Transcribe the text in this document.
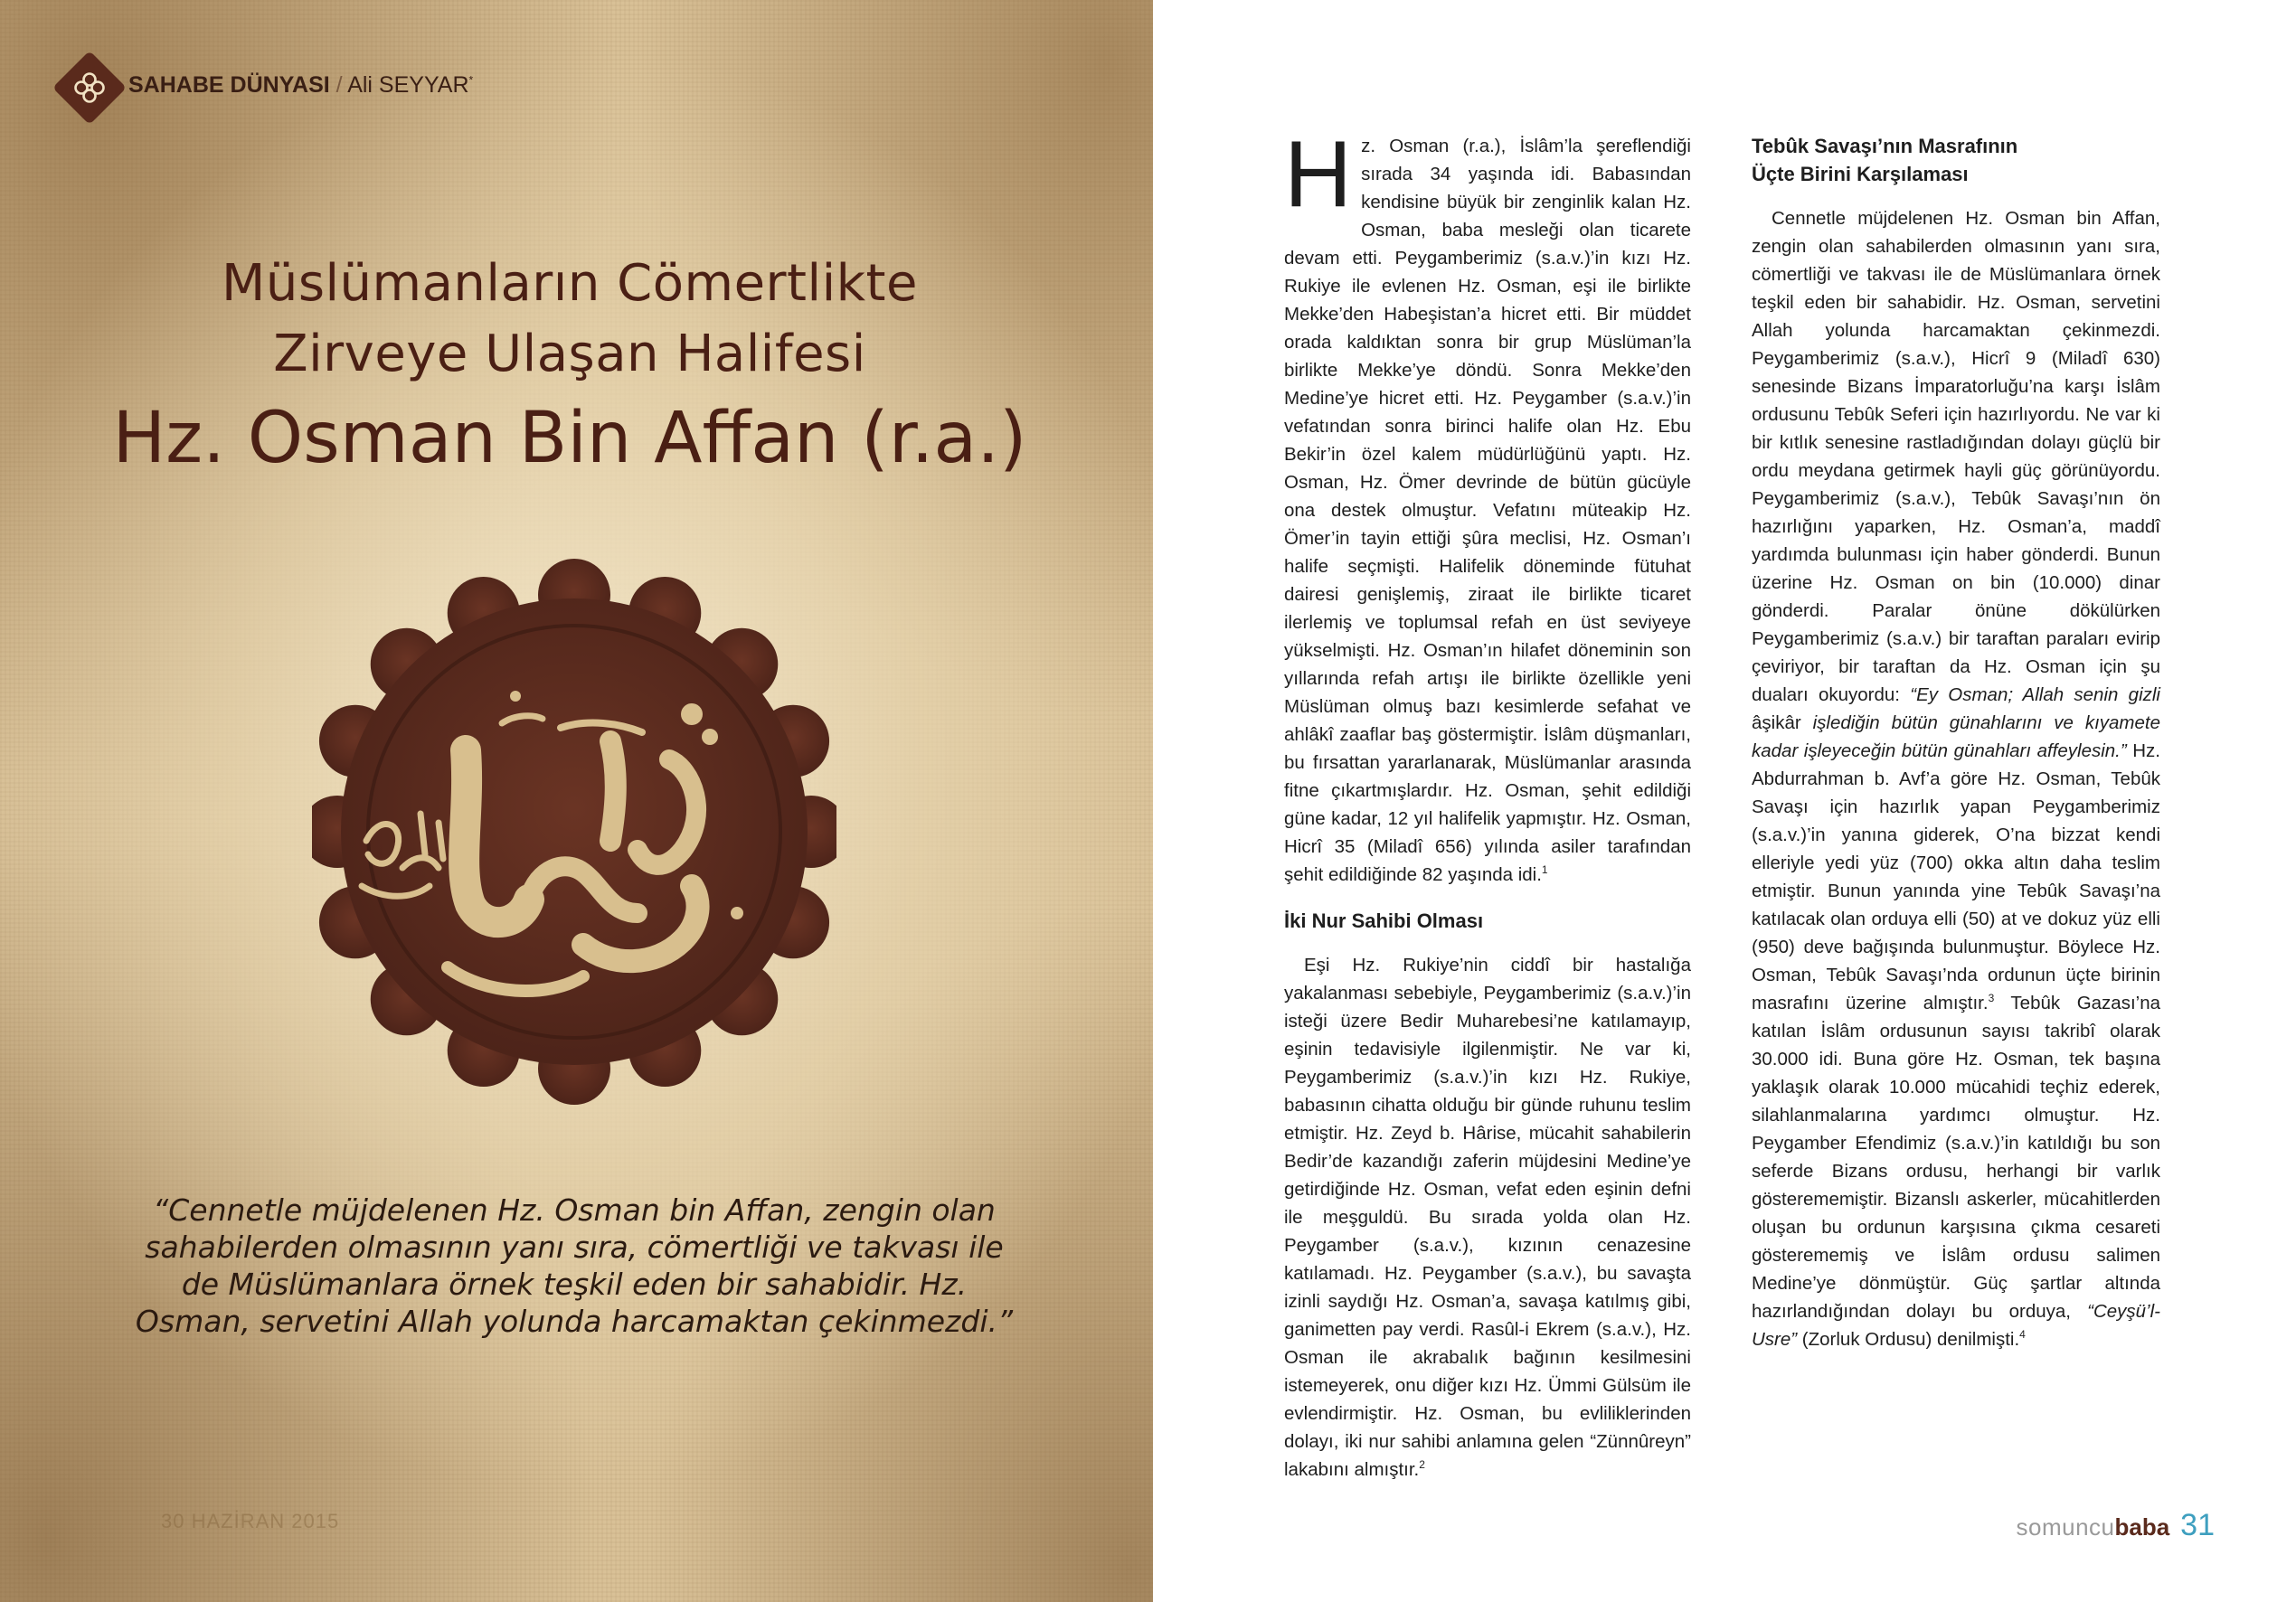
SAHABE DÜNYASI / Ali SEYYAR*
Müslümanların Cömertlikte
Zirveye Ulaşan Halifesi
Hz. Osman Bin Affan (r.a.)
“Cennetle müjdelenen Hz. Osman bin Affan, zengin olan sahabilerden olmasının yanı sıra, cömertliği ve takvası ile de Müslümanlara örnek teşkil eden bir sahabidir. Hz. Osman, servetini Allah yolunda harcamaktan çekinmezdi.”
30 HAZİRAN 2015

Hz. Osman (r.a.), İslâm’la şereflendiği sırada 34 yaşında idi. Babasından kendisine büyük bir zenginlik kalan Hz. Osman, baba mesleği olan ticarete devam etti. Peygamberimiz (s.a.v.)’in kızı Hz. Rukiye ile evlenen Hz. Osman, eşi ile birlikte Mekke’den Habeşistan’a hicret etti. Bir müddet orada kaldıktan sonra bir grup Müslüman’la birlikte Mekke’ye döndü. Sonra Mekke’den Medine’ye hicret etti. Hz. Peygamber (s.a.v.)’in vefatından sonra birinci halife olan Hz. Ebu Bekir’in özel kalem müdürlüğünü yaptı. Hz. Osman, Hz. Ömer devrinde de bütün gücüyle ona destek olmuştur. Vefatını müteakip Hz. Ömer’in tayin ettiği şûra meclisi, Hz. Osman’ı halife seçmişti. Halifelik döneminde fütuhat dairesi genişlemiş, ziraat ile birlikte ticaret ilerlemiş ve toplumsal refah en üst seviyeye yükselmişti. Hz. Osman’ın hilafet döneminin son yıllarında refah artışı ile birlikte özellikle yeni Müslüman olmuş bazı kesimlerde sefahat ve ahlâkî zaaflar baş göstermiştir. İslâm düşmanları, bu fırsattan yararlanarak, Müslümanlar arasında fitne çıkartmışlardır. Hz. Osman, şehit edildiği güne kadar, 12 yıl halifelik yapmıştır. Hz. Osman, Hicrî 35 (Miladî 656) yılında asiler tarafından şehit edildiğinde 82 yaşında idi.$^1$

İki Nur Sahibi Olması

Eşi Hz. Rukiye’nin ciddî bir hastalığa yakalanması sebebiyle, Peygamberimiz (s.a.v.)’in isteği üzere Bedir Muharebesi’ne katılamayıp, eşinin tedavisiyle ilgilenmiştir. Ne var ki, Peygamberimiz (s.a.v.)’in kızı Hz. Rukiye, babasının cihatta olduğu bir günde ruhunu teslim etmiştir. Hz. Zeyd b. Hârise, mücahit sahabilerin Bedir’de kazandığı zaferin müjdesini Medine’ye getirdiğinde Hz. Osman, vefat eden eşinin defni ile meşguldü. Bu sırada yolda olan Hz. Peygamber (s.a.v.), kızının cenazesine katılamadı. Hz. Peygamber (s.a.v.), bu savaşta izinli saydığı Hz. Osman’a, savaşa katılmış gibi, ganimetten pay verdi. Rasûl-i Ekrem (s.a.v.), Hz. Osman ile akrabalık bağının kesilmesini istemeyerek, onu diğer kızı Hz. Ümmi Gülsüm ile evlendirmiştir. Hz. Osman, bu evliliklerinden dolayı, iki nur sahibi anlamına gelen “Zünnûreyn” lakabını almıştır.$^2$

Tebûk Savaşı’nın Masrafının Üçte Birini Karşılaması

Cennetle müjdelenen Hz. Osman bin Affan, zengin olan sahabilerden olmasının yanı sıra, cömertliği ve takvası ile de Müslümanlara örnek teşkil eden bir sahabidir. Hz. Osman, servetini Allah yolunda harcamaktan çekinmezdi. Peygamberimiz (s.a.v.), Hicrî 9 (Miladî 630) senesinde Bizans İmparatorluğu’na karşı İslâm ordusunu Tebûk Seferi için hazırlıyordu. Ne var ki bir kıtlık senesine rastladığından dolayı güçlü bir ordu meydana getirmek hayli güç görünüyordu. Peygamberimiz (s.a.v.), Tebûk Savaşı’nın ön hazırlığını yaparken, Hz. Osman’a, maddî yardımda bulunması için haber gönderdi. Bunun üzerine Hz. Osman on bin (10.000) dinar gönderdi. Paralar önüne dökülürken Peygamberimiz (s.a.v.) bir taraftan paraları evirip çeviriyor, bir taraftan da Hz. Osman için şu duaları okuyordu: “Ey Osman; Allah senin gizli âşikâr işlediğin bütün günahlarını ve kıyamete kadar işleyeceğin bütün günahları affeylesin.” Hz. Abdurrahman b. Avf’a göre Hz. Osman, Tebûk Savaşı için hazırlık yapan Peygamberimiz (s.a.v.)’in yanına giderek, O’na bizzat kendi elleriyle yedi yüz (700) okka altın daha teslim etmiştir. Bunun yanında yine Tebûk Savaşı’na katılacak olan orduya elli (50) at ve dokuz yüz elli (950) deve bağışında bulunmuştur. Böylece Hz. Osman, Tebûk Savaşı’nda ordunun üçte birinin masrafını üzerine almıştır.$^3$ Tebûk Gazası’na katılan İslâm ordusunun sayısı takribî olarak 30.000 idi. Buna göre Hz. Osman, tek başına yaklaşık olarak 10.000 mücahidi teçhiz ederek, silahlanmalarına yardımcı olmuştur. Hz. Peygamber Efendimiz (s.a.v.)’in katıldığı bu son seferde Bizans ordusu, herhangi bir varlık gösterememiştir. Bizanslı askerler, mücahitlerden oluşan bu ordunun karşısına çıkma cesareti gösterememiş ve İslâm ordusu salimen Medine’ye dönmüştür. Güç şartlar altında hazırlandığından dolayı bu orduya, “Ceyşü’l-Usre” (Zorluk Ordusu) denilmişti.$^4$

somuncubaba 31
